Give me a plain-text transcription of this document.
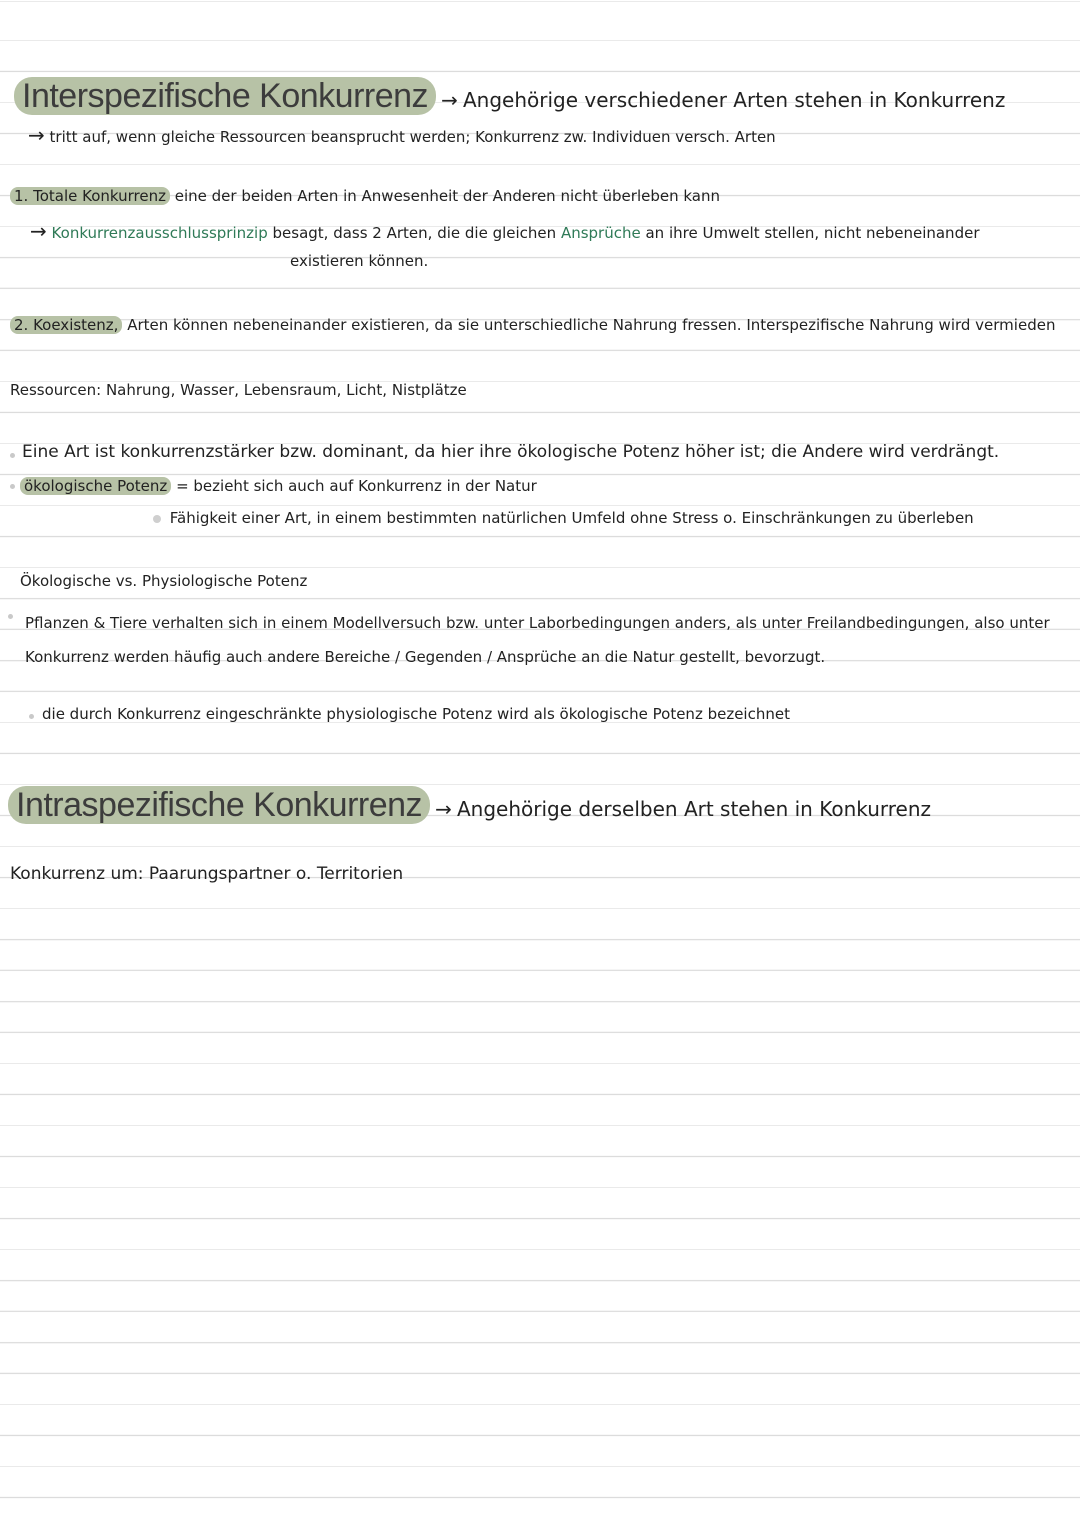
Interspezifische Konkurrenz → Angehörige verschiedener Arten stehen in Konkurrenz
→ tritt auf, wenn gleiche Ressourcen beansprucht werden; Konkurrenz zw. Individuen versch. Arten
1. Totale Konkurrenz eine der beiden Arten in Anwesenheit der Anderen nicht überleben kann
→ Konkurrenzausschlussprinzip besagt, dass 2 Arten, die die gleichen Ansprüche an ihre Umwelt stellen, nicht nebeneinander
existieren können.
2. Koexistenz, Arten können nebeneinander existieren, da sie unterschiedliche Nahrung fressen. Interspezifische Nahrung wird vermieden
Ressourcen: Nahrung, Wasser, Lebensraum, Licht, Nistplätze
Eine Art ist konkurrenzstärker bzw. dominant, da hier ihre ökologische Potenz höher ist; die Andere wird verdrängt.
ökologische Potenz = bezieht sich auch auf Konkurrenz in der Natur
Fähigkeit einer Art, in einem bestimmten natürlichen Umfeld ohne Stress o. Einschränkungen zu überleben
Ökologische vs. Physiologische Potenz
Pflanzen & Tiere verhalten sich in einem Modellversuch bzw. unter Laborbedingungen anders, als unter Freilandbedingungen, also unter Konkurrenz werden häufig auch andere Bereiche / Gegenden / Ansprüche an die Natur gestellt, bevorzugt.
die durch Konkurrenz eingeschränkte physiologische Potenz wird als ökologische Potenz bezeichnet
Intraspezifische Konkurrenz → Angehörige derselben Art stehen in Konkurrenz
Konkurrenz um: Paarungspartner o. Territorien
